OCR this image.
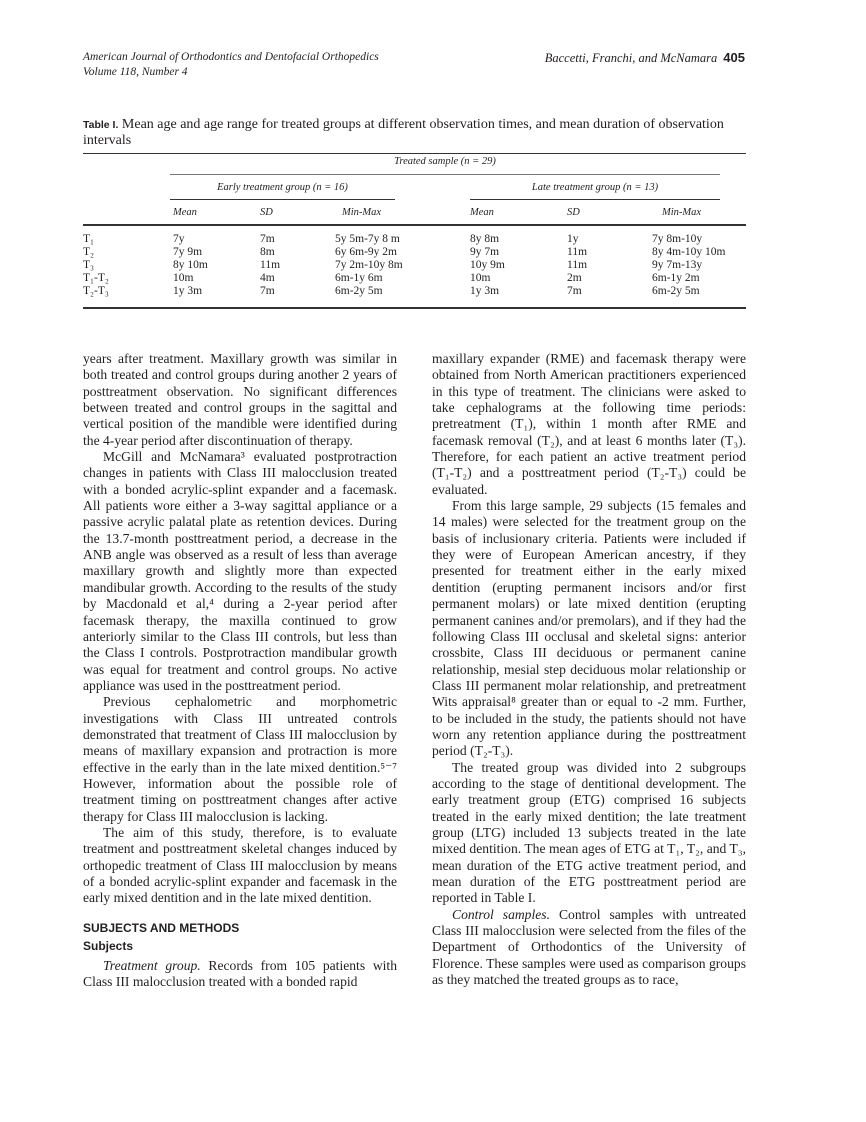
American Journal of Orthodontics and Dentofacial Orthopedics
Volume 118, Number 4
Baccetti, Franchi, and McNamara 405
Table I. Mean age and age range for treated groups at different observation times, and mean duration of observation intervals
Treated sample (n = 29)
Early treatment group (n = 16)	Late treatment group (n = 13)
Mean	SD	Min-Max	Mean	SD	Min-Max
T₁	7y	7m	5y 5m-7y 8 m	8y 8m	1y	7y 8m-10y
T₂	7y 9m	8m	6y 6m-9y 2m	9y 7m	11m	8y 4m-10y 10m
T₃	8y 10m	11m	7y 2m-10y 8m	10y 9m	11m	9y 7m-13y
T₁-T₂	10m	4m	6m-1y 6m	10m	2m	6m-1y 2m
T₂-T₃	1y 3m	7m	6m-2y 5m	1y 3m	7m	6m-2y 5m

years after treatment. Maxillary growth was similar in both treated and control groups during another 2 years of posttreatment observation. No significant differences between treated and control groups in the sagittal and vertical position of the mandible were identified during the 4-year period after discontinuation of therapy.

McGill and McNamara³ evaluated postprotraction changes in patients with Class III malocclusion treated with a bonded acrylic-splint expander and a facemask. All patients wore either a 3-way sagittal appliance or a passive acrylic palatal plate as retention devices. During the 13.7-month posttreatment period, a decrease in the ANB angle was observed as a result of less than average maxillary growth and slightly more than expected mandibular growth. According to the results of the study by Macdonald et al,⁴ during a 2-year period after facemask therapy, the maxilla continued to grow anteriorly similar to the Class III controls, but less than the Class I controls. Postprotraction mandibular growth was equal for treatment and control groups. No active appliance was used in the posttreatment period.

Previous cephalometric and morphometric investigations with Class III untreated controls demonstrated that treatment of Class III malocclusion by means of maxillary expansion and protraction is more effective in the early than in the late mixed dentition.⁵⁻⁷ However, information about the possible role of treatment timing on posttreatment changes after active therapy for Class III malocclusion is lacking.

The aim of this study, therefore, is to evaluate treatment and posttreatment skeletal changes induced by orthopedic treatment of Class III malocclusion by means of a bonded acrylic-splint expander and facemask in the early mixed dentition and in the late mixed dentition.

SUBJECTS AND METHODS
Subjects

Treatment group. Records from 105 patients with Class III malocclusion treated with a bonded rapid

maxillary expander (RME) and facemask therapy were obtained from North American practitioners experienced in this type of treatment. The clinicians were asked to take cephalograms at the following time periods: pretreatment (T₁), within 1 month after RME and facemask removal (T₂), and at least 6 months later (T₃). Therefore, for each patient an active treatment period (T₁-T₂) and a posttreatment period (T₂-T₃) could be evaluated.

From this large sample, 29 subjects (15 females and 14 males) were selected for the treatment group on the basis of inclusionary criteria. Patients were included if they were of European American ancestry, if they presented for treatment either in the early mixed dentition (erupting permanent incisors and/or first permanent molars) or late mixed dentition (erupting permanent canines and/or premolars), and if they had the following Class III occlusal and skeletal signs: anterior crossbite, Class III deciduous or permanent canine relationship, mesial step deciduous molar relationship or Class III permanent molar relationship, and pretreatment Wits appraisal⁸ greater than or equal to -2 mm. Further, to be included in the study, the patients should not have worn any retention appliance during the posttreatment period (T₂-T₃).

The treated group was divided into 2 subgroups according to the stage of dentitional development. The early treatment group (ETG) comprised 16 subjects treated in the early mixed dentition; the late treatment group (LTG) included 13 subjects treated in the late mixed dentition. The mean ages of ETG at T₁, T₂, and T₃, mean duration of the ETG active treatment period, and mean duration of the ETG posttreatment period are reported in Table I.

Control samples. Control samples with untreated Class III malocclusion were selected from the files of the Department of Orthodontics of the University of Florence. These samples were used as comparison groups as they matched the treated groups as to race,
